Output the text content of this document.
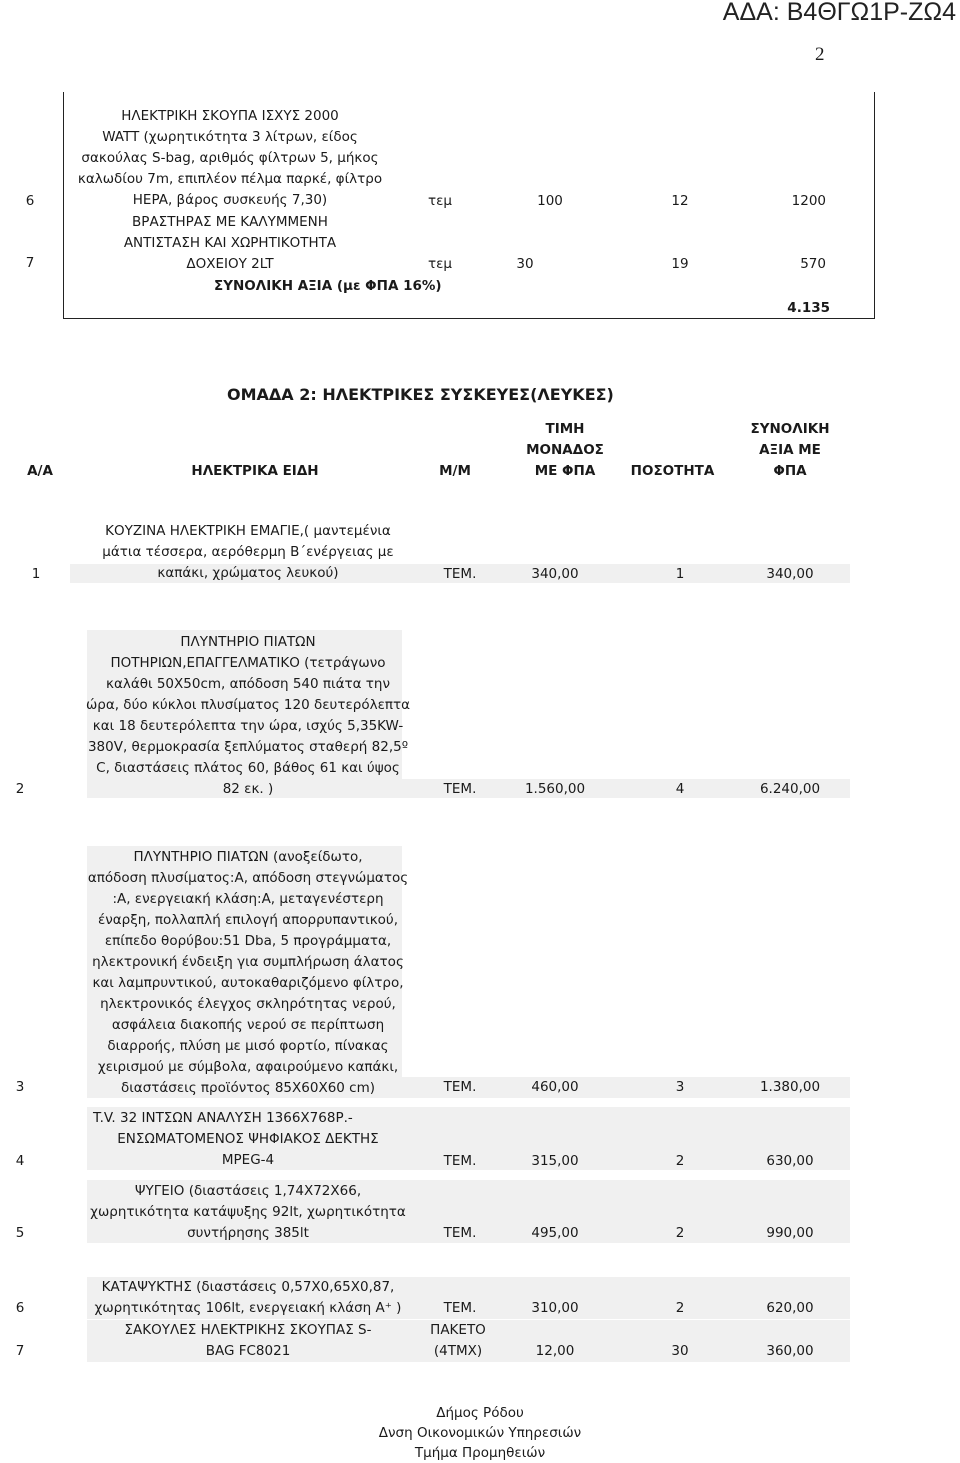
ΑΔΑ: Β4ΘΓΩ1Ρ-ΖΩ4
2
6
ΗΛΕΚΤΡΙΚΗ ΣΚΟΥΠΑ ΙΣΧΥΣ 2000
WATT (χωρητικότητα 3 λίτρων, είδος
σακούλας S-bag, αριθμός φίλτρων 5, μήκος
καλωδίου 7m, επιπλέον πέλμα παρκέ, φίλτρο
HEPA, βάρος συσκευής 7,30)	τεμ	100	12	1200
7
ΒΡΑΣΤΗΡΑΣ ΜΕ ΚΑΛΥΜΜΕΝΗ
ΑΝΤΙΣΤΑΣΗ ΚΑΙ ΧΩΡΗΤΙΚΟΤΗΤΑ
ΔΟΧΕΙΟΥ 2LT	τεμ	30	19	570
ΣΥΝΟΛΙΚΗ ΑΞΙΑ (με ΦΠΑ 16%)
4.135
ΟΜΑΔΑ 2: ΗΛΕΚΤΡΙΚΕΣ ΣΥΣΚΕΥΕΣ(ΛΕΥΚΕΣ)
Α/Α	ΗΛΕΚΤΡΙΚΑ ΕΙΔΗ	Μ/Μ
ΤΙΜΗ
ΜΟΝΑΔΟΣ
ΜΕ ΦΠΑ	ΠΟΣΟΤΗΤΑ
ΣΥΝΟΛΙΚΗ
ΑΞΙΑ ΜΕ
ΦΠΑ
1
ΚΟΥΖΙΝΑ ΗΛΕΚΤΡΙΚΗ ΕΜΑΓΙΕ,( μαντεμένια
μάτια τέσσερα, αερόθερμη Β΄ενέργειας με
καπάκι, χρώματος λευκού)	ΤΕΜ.	340,00	1	340,00
2
ΠΛΥΝΤΗΡΙΟ ΠΙΑΤΩΝ
ΠΟΤΗΡΙΩΝ,ΕΠΑΓΓΕΛΜΑΤΙΚΟ (τετράγωνο
καλάθι 50Χ50cm, απόδοση 540 πιάτα την
ώρα, δύο κύκλοι πλυσίματος 120 δευτερόλεπτα
και 18 δευτερόλεπτα την ώρα, ισχύς 5,35KW-
380V, θερμοκρασία ξεπλύματος σταθερή 82,5º
C, διαστάσεις πλάτος 60, βάθος 61 και ύψος
82 εκ. )	ΤΕΜ.	1.560,00	4	6.240,00
3
ΠΛΥΝΤΗΡΙΟ ΠΙΑΤΩΝ (ανοξείδωτο,
απόδοση πλυσίματος:Α, απόδοση στεγνώματος
:Α, ενεργειακή κλάση:Α, μεταγενέστερη
έναρξη, πολλαπλή επιλογή απορρυπαντικού,
επίπεδο θορύβου:51 Dba, 5 προγράμματα,
ηλεκτρονική ένδειξη για συμπλήρωση άλατος
και λαμπρυντικού, αυτοκαθαριζόμενο φίλτρο,
ηλεκτρονικός έλεγχος σκληρότητας νερού,
ασφάλεια διακοπής νερού σε περίπτωση
διαρροής, πλύση με μισό φορτίο, πίνακας
χειρισμού με σύμβολα, αφαιρούμενο καπάκι,
διαστάσεις προϊόντος 85Χ60Χ60 cm)	ΤΕΜ.	460,00	3	1.380,00
4
T.V. 32 ΙΝΤΣΩΝ ΑΝΑΛΥΣΗ 1366Χ768Ρ.-
ΕΝΣΩΜΑΤΟΜΕΝΟΣ ΨΗΦΙΑΚΟΣ ΔΕΚΤΗΣ
MPEG-4	ΤΕΜ.	315,00	2	630,00
5
ΨΥΓΕΙΟ (διαστάσεις 1,74Χ72Χ66,
χωρητικότητα κατάψυξης 92lt, χωρητικότητα
συντήρησης 385lt	ΤΕΜ.	495,00	2	990,00
6
ΚΑΤΑΨΥΚΤΗΣ (διαστάσεις 0,57Χ0,65Χ0,87,
χωρητικότητας 106lt, ενεργειακή κλάση Α⁺ )	ΤΕΜ.	310,00	2	620,00
7
ΣΑΚΟΥΛΕΣ ΗΛΕΚΤΡΙΚΗΣ ΣΚΟΥΠΑΣ S-
BAG FC8021
ΠΑΚΕΤΟ
(4ΤΜΧ)	12,00	30	360,00
Δήμος Ρόδου
Δνση Οικονομικών Υπηρεσιών
Τμήμα Προμηθειών
